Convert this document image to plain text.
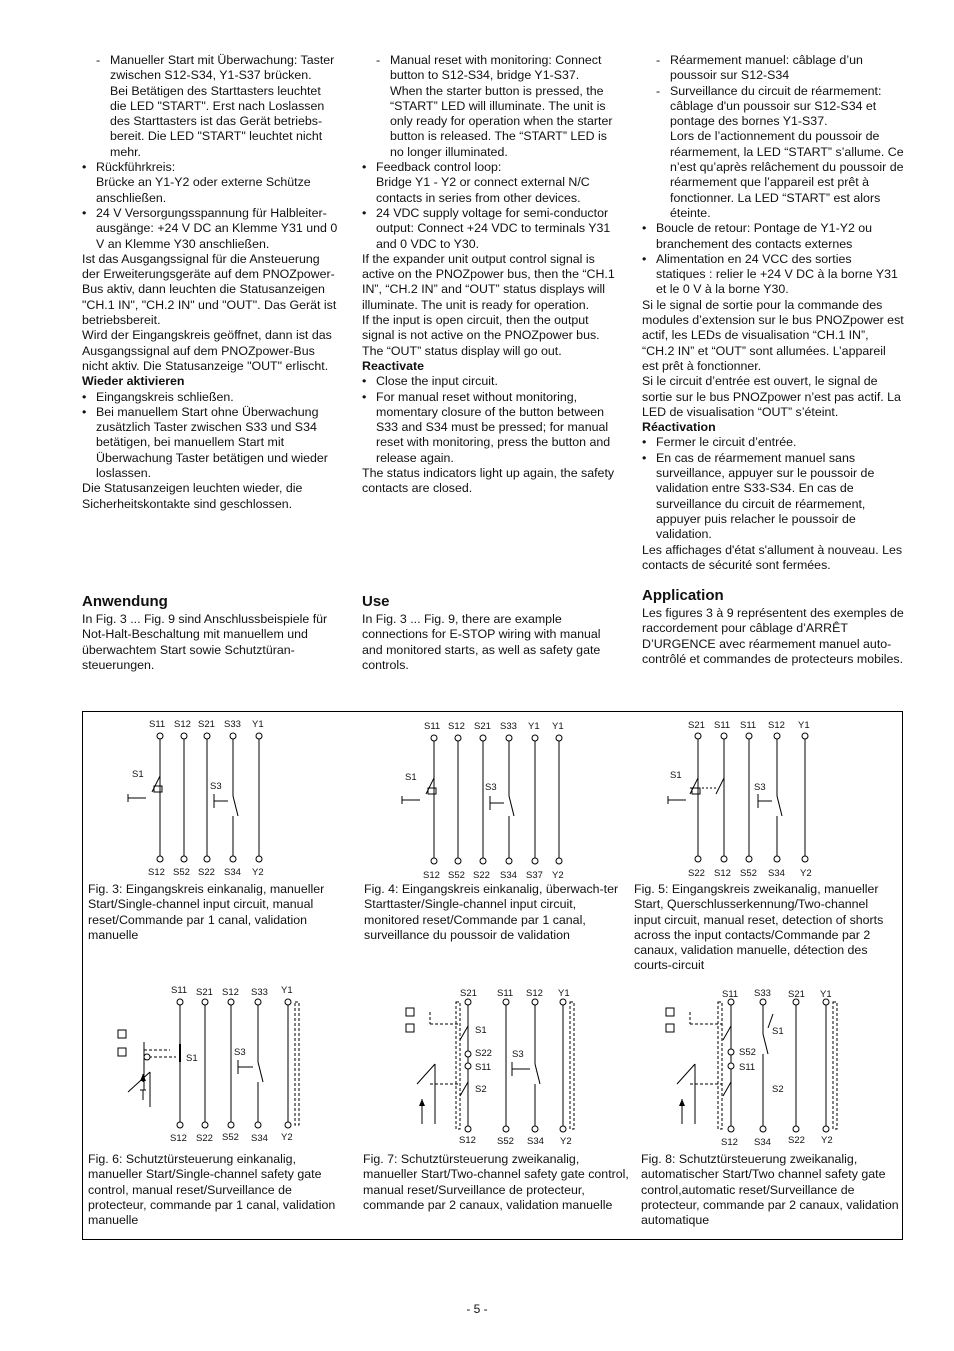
- Manueller Start mit Überwachung: Taster zwischen S12-S34, Y1-S37 brücken.

Bei Betätigen des Starttasters leuchtet die LED "START". Erst nach Loslassen des Starttasters ist das Gerät betriebs-bereit. Die LED "START" leuchtet nicht mehr.

• Rückführkreis:

Brücke an Y1-Y2 oder externe Schütze anschließen.

• 24 V Versorgungsspannung für Halbleiter-ausgänge: +24 V DC an Klemme Y31 und 0 V an Klemme Y30 anschließen.

Ist das Ausgangssignal für die Ansteuerung der Erweiterungsgeräte auf dem PNOZpower-Bus aktiv, dann leuchten die Statusanzeigen "CH.1 IN", "CH.2 IN" und "OUT". Das Gerät ist betriebsbereit.

Wird der Eingangskreis geöffnet, dann ist das Ausgangssignal auf dem PNOZpower-Bus nicht aktiv. Die Statusanzeige "OUT" erlischt.

Wieder aktivieren

• Eingangskreis schließen.
• Bei manuellem Start ohne Überwachung zusätzlich Taster zwischen S33 und S34 betätigen, bei manuellem Start mit Überwachung Taster betätigen und wieder loslassen.

Die Statusanzeigen leuchten wieder, die Sicherheitskontakte sind geschlossen.

- Manual reset with monitoring: Connect button to S12-S34, bridge Y1-S37.

When the starter button is pressed, the “START” LED will illuminate. The unit is only ready for operation when the starter button is released. The “START” LED is no longer illuminated.

• Feedback control loop:

Bridge Y1 - Y2 or connect external N/C contacts in series from other devices.

• 24 VDC supply voltage for semi-conductor output: Connect +24 VDC to terminals Y31 and 0 VDC to Y30.

If the expander unit output control signal is active on the PNOZpower bus, then the “CH.1 IN”, “CH.2 IN” and “OUT” status displays will illuminate. The unit is ready for operation.

If the input is open circuit, then the output signal is not active on the PNOZpower bus. The “OUT” status display will go out.

Reactivate

• Close the input circuit.
• For manual reset without monitoring, momentary closure of the button between S33 and S34 must be pressed; for manual reset with monitoring, press the button and release again.

The status indicators light up again, the safety contacts are closed.

- Réarmement manuel: câblage d’un poussoir sur S12-S34

- Surveillance du circuit de réarmement: câblage d'un poussoir sur S12-S34 et pontage des bornes Y1-S37.

Lors de l’actionnement du poussoir de réarmement, la LED “START” s’allume. Ce n’est qu’après relâchement du poussoir de réarmement que l’appareil est prêt à fonctionner. La LED “START” est alors éteinte.

• Boucle de retour: Pontage de Y1-Y2 ou branchement des contacts externes
• Alimentation en 24 VCC des sorties statiques : relier le +24 V DC à la borne Y31 et le 0 V à la borne Y30.

Si le signal de sortie pour la commande des modules d’extension sur le bus PNOZpower est actif, les LEDs de visualisation “CH.1 IN”, “CH.2 IN” et “OUT” sont allumées. L’appareil est prêt à fonctionner.

Si le circuit d’entrée est ouvert, le signal de sortie sur le bus PNOZpower n’est pas actif. La LED de visualisation “OUT” s’éteint.

Réactivation

• Fermer le circuit d’entrée.
• En cas de réarmement manuel sans surveillance, appuyer sur le poussoir de validation entre S33-S34. En cas de surveillance du circuit de réarmement, appuyer puis relacher le poussoir de validation.

Les affichages d'état s'allument à nouveau. Les contacts de sécurité sont fermées.

Anwendung

In Fig. 3 ... Fig. 9 sind Anschlussbeispiele für Not-Halt-Beschaltung mit manuellem und überwachtem Start sowie Schutztüran-steuerungen.

Use

In Fig. 3 ... Fig. 9, there are example connections for E-STOP wiring with manual and monitored starts, as well as safety gate controls.

Application

Les figures 3 à 9 représentent des exemples de raccordement pour câblage d’ARRÊT D’URGENCE avec réarmement manuel auto-contrôlé et commandes de protecteurs mobiles.

S11 S12 S21 S33 Y1
S12 S52 S22 S34 Y2
S1
S3
Fig. 3: Eingangskreis einkanalig, manueller Start/Single-channel input circuit, manual reset/Commande par 1 canal, validation manuelle
S11 S12 S21 S33 Y1 Y1
S12 S52 S22 S34 S37 Y2
S1
S3
Fig. 4: Eingangskreis einkanalig, überwach-ter Starttaster/Single-channel input circuit, monitored reset/Commande par 1 canal, surveillance du poussoir de validation
S21 S11 S11 S12 Y1
S22 S12 S52 S34 Y2
S1
S3
Fig. 5: Eingangskreis zweikanalig, manueller Start, Querschlusserkennung/Two-channel input circuit, manual reset, detection of shorts across the input contacts/Commande par 2 canaux, validation manuelle, détection des courts-circuit
S11 S21 S12 S33 Y1
S12 S22 S52 S34 Y2
S1
S3
Fig. 6: Schutztürsteuerung einkanalig, manueller Start/Single-channel safety gate control, manual reset/Surveillance de protecteur, commande par 1 canal, validation manuelle
S21 S11 S12 Y1
S12 S52 S34 Y2
S1
S22
S11
S2
S3
Fig. 7: Schutztürsteuerung zweikanalig, manueller Start/Two-channel safety gate control, manual reset/Surveillance de protecteur, commande par 2 canaux, validation manuelle
S11 S33 S21 Y1
S12 S34 S22 Y2
S1
S52
S11
S2
Fig. 8: Schutztürsteuerung zweikanalig, automatischer Start/Two channel safety gate control,automatic reset/Surveillance de protecteur, commande par 2 canaux, validation automatique
- 5 -
